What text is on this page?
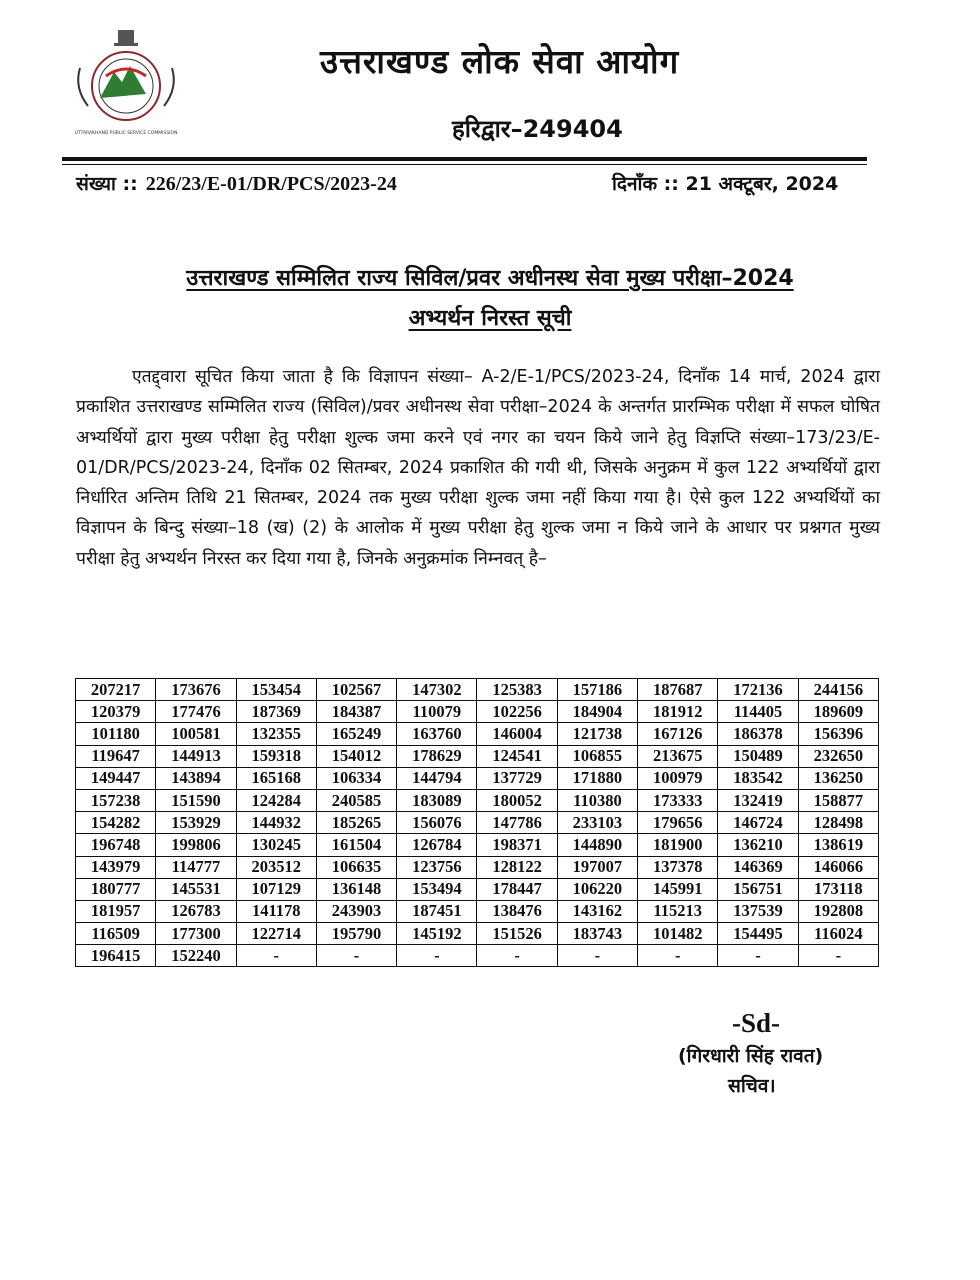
UTTARAKHAND PUBLIC SERVICE COMMISSION
उत्तराखण्ड लोक सेवा आयोग
हरिद्वार–249404
संख्या :: 226/23/E-01/DR/PCS/2023-24	दिनाँक :: 21 अक्टूबर, 2024
उत्तराखण्ड सम्मिलित राज्य सिविल/प्रवर अधीनस्थ सेवा मुख्य परीक्षा–2024
अभ्यर्थन निरस्त सूची
एतद्द्वारा सूचित किया जाता है कि विज्ञापन संख्या– A-2/E-1/PCS/2023-24, दिनाँक 14 मार्च, 2024 द्वारा प्रकाशित उत्तराखण्ड सम्मिलित राज्य (सिविल)/प्रवर अधीनस्थ सेवा परीक्षा–2024 के अन्तर्गत प्रारम्भिक परीक्षा में सफल घोषित अभ्यर्थियों द्वारा मुख्य परीक्षा हेतु परीक्षा शुल्क जमा करने एवं नगर का चयन किये जाने हेतु विज्ञप्ति संख्या–173/23/E-01/DR/PCS/2023-24, दिनाँक 02 सितम्बर, 2024 प्रकाशित की गयी थी, जिसके अनुक्रम में कुल 122 अभ्यर्थियों द्वारा निर्धारित अन्तिम तिथि 21 सितम्बर, 2024 तक मुख्य परीक्षा शुल्क जमा नहीं किया गया है। ऐसे कुल 122 अभ्यर्थियों का विज्ञापन के बिन्दु संख्या–18 (ख) (2) के आलोक में मुख्य परीक्षा हेतु शुल्क जमा न किये जाने के आधार पर प्रश्नगत मुख्य परीक्षा हेतु अभ्यर्थन निरस्त कर दिया गया है, जिनके अनुक्रमांक निम्नवत् है–
207217	173676	153454	102567	147302	125383	157186	187687	172136	244156
120379	177476	187369	184387	110079	102256	184904	181912	114405	189609
101180	100581	132355	165249	163760	146004	121738	167126	186378	156396
119647	144913	159318	154012	178629	124541	106855	213675	150489	232650
149447	143894	165168	106334	144794	137729	171880	100979	183542	136250
157238	151590	124284	240585	183089	180052	110380	173333	132419	158877
154282	153929	144932	185265	156076	147786	233103	179656	146724	128498
196748	199806	130245	161504	126784	198371	144890	181900	136210	138619
143979	114777	203512	106635	123756	128122	197007	137378	146369	146066
180777	145531	107129	136148	153494	178447	106220	145991	156751	173118
181957	126783	141178	243903	187451	138476	143162	115213	137539	192808
116509	177300	122714	195790	145192	151526	183743	101482	154495	116024
196415	152240	-	-	-	-	-	-	-	-
-Sd-
(गिरधारी सिंह रावत)
सचिव।
